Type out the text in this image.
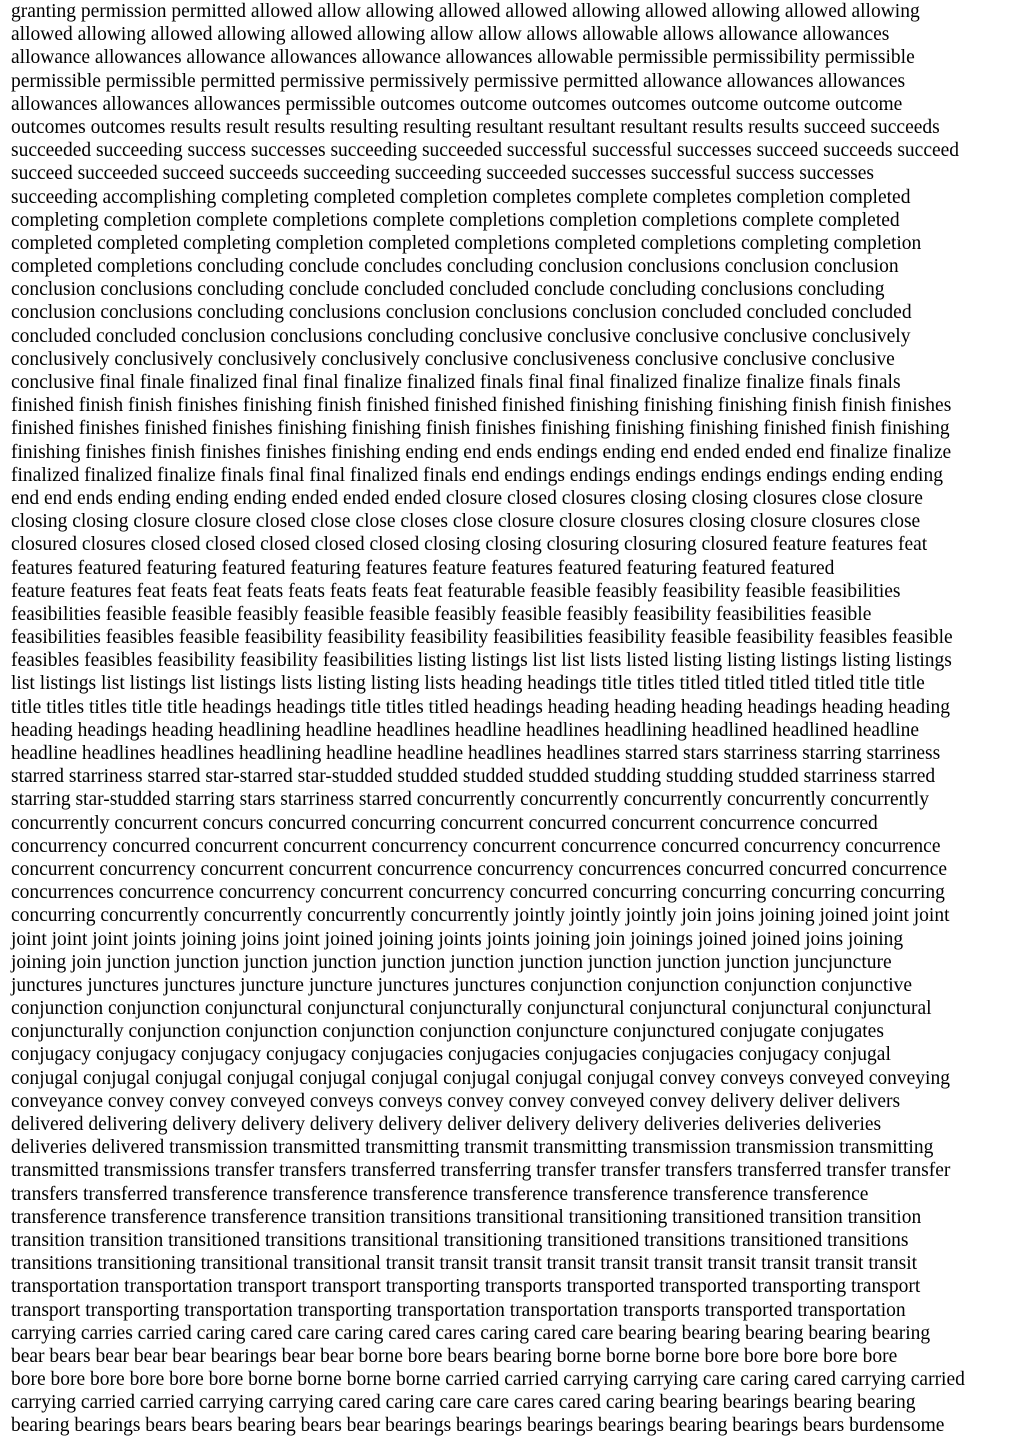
granting permission permitted allowed allow allowing allowed allowed allowing allowed allowing allowed allowing
allowed allowing allowed allowing allowed allowing allow allow allows allowable allows allowance allowances
allowance allowances allowance allowances allowance allowances allowable permissible permissibility permissible
permissible permissible permitted permissive permissively permissive permitted allowance allowances allowances
allowances allowances allowances permissible outcomes outcome outcomes outcomes outcome outcome outcome
outcomes outcomes results result results resulting resulting resultant resultant resultant results results succeed succeeds
succeeded succeeding success successes succeeding succeeded successful successful successes succeed succeeds succeed
succeed succeeded succeed succeeds succeeding succeeding succeeded successes successful success successes
succeeding accomplishing completing completed completion completes complete completes completion completed
completing completion complete completions complete completions completion completions complete completed
completed completed completing completion completed completions completed completions completing completion
completed completions concluding conclude concludes concluding conclusion conclusions conclusion conclusion
conclusion conclusions concluding conclude concluded concluded conclude concluding conclusions concluding
conclusion conclusions concluding conclusions conclusion conclusions conclusion concluded concluded concluded
concluded concluded conclusion conclusions concluding conclusive conclusive conclusive conclusive conclusively
conclusively conclusively conclusively conclusively conclusive conclusiveness conclusive conclusive conclusive
conclusive final finale finalized final final finalize finalized finals final final finalized finalize finalize finals finals
finished finish finish finishes finishing finish finished finished finished finishing finishing finishing finish finish finishes
finished finishes finished finishes finishing finishing finish finishes finishing finishing finishing finished finish finishing
finishing finishes finish finishes finishes finishing ending end ends endings ending end ended ended end finalize finalize
finalized finalized finalize finals final final finalized finals end endings endings endings endings endings ending ending
end end ends ending ending ending ended ended ended closure closed closures closing closing closures close closure
closing closing closure closure closed close close closes close closure closure closures closing closure closures close
closured closures closed closed closed closed closed closing closing closuring closuring closured feature features feat
features featured featuring featured featuring features feature features featured featuring featured featured
feature features feat feats feat feats feats feats feats feat featurable feasible feasibly feasibility feasible feasibilities
feasibilities feasible feasible feasibly feasible feasible feasibly feasible feasibly feasibility feasibilities feasible
feasibilities feasibles feasible feasibility feasibility feasibility feasibilities feasibility feasible feasibility feasibles feasible
feasibles feasibles feasibility feasibility feasibilities listing listings list list lists listed listing listing listings listing listings
list listings list listings list listings lists listing listing lists heading headings title titles titled titled titled titled title title
title titles titles title title headings headings title titles titled headings heading heading heading headings heading heading
heading headings heading headlining headline headlines headline headlines headlining headlined headlined headline
headline headlines headlines headlining headline headline headlines headlines starred stars starriness starring starriness
starred starriness starred star-starred star-studded studded studded studded studding studding studded starriness starred
starring star-studded starring stars starriness starred concurrently concurrently concurrently concurrently concurrently
concurrently concurrent concurs concurred concurring concurrent concurred concurrent concurrence concurred
concurrency concurred concurrent concurrent concurrency concurrent concurrence concurred concurrency concurrence
concurrent concurrency concurrent concurrent concurrence concurrency concurrences concurred concurred concurrence
concurrences concurrence concurrency concurrent concurrency concurred concurring concurring concurring concurring
concurring concurrently concurrently concurrently concurrently jointly jointly jointly join joins joining joined joint joint
joint joint joint joints joining joins joint joined joining joints joints joining join joinings joined joined joins joining
joining join junction junction junction junction junction junction junction junction junction junction juncjuncture
junctures junctures junctures juncture juncture junctures junctures conjunction conjunction conjunction conjunctive
conjunction conjunction conjunctural conjunctural conjuncturally conjunctural conjunctural conjunctural conjunctural
conjuncturally conjunction conjunction conjunction conjunction conjuncture conjunctured conjugate conjugates
conjugacy conjugacy conjugacy conjugacy conjugacies conjugacies conjugacies conjugacies conjugacy conjugal
conjugal conjugal conjugal conjugal conjugal conjugal conjugal conjugal conjugal convey conveys conveyed conveying
conveyance convey convey conveyed conveys conveys convey convey conveyed convey delivery deliver delivers
delivered delivering delivery delivery delivery delivery deliver delivery delivery deliveries deliveries deliveries
deliveries delivered transmission transmitted transmitting transmit transmitting transmission transmission transmitting
transmitted transmissions transfer transfers transferred transferring transfer transfer transfers transferred transfer transfer
transfers transferred transference transference transference transference transference transference transference
transference transference transference transition transitions transitional transitioning transitioned transition transition
transition transition transitioned transitions transitional transitioning transitioned transitions transitioned transitions
transitions transitioning transitional transitional transit transit transit transit transit transit transit transit transit transit
transportation transportation transport transport transporting transports transported transported transporting transport
transport transporting transportation transporting transportation transportation transports transported transportation
carrying carries carried caring cared care caring cared cares caring cared care bearing bearing bearing bearing bearing
bear bears bear bear bear bearings bear bear borne bore bears bearing borne borne borne bore bore bore bore bore
bore bore bore bore bore bore borne borne borne borne carried carried carrying carrying care caring cared carrying carried
carrying carried carried carrying carrying cared caring care care cares cared caring bearing bearings bearing bearing
bearing bearings bears bears bearing bears bear bearings bearings bearings bearings bearing bearings bears burdensome
